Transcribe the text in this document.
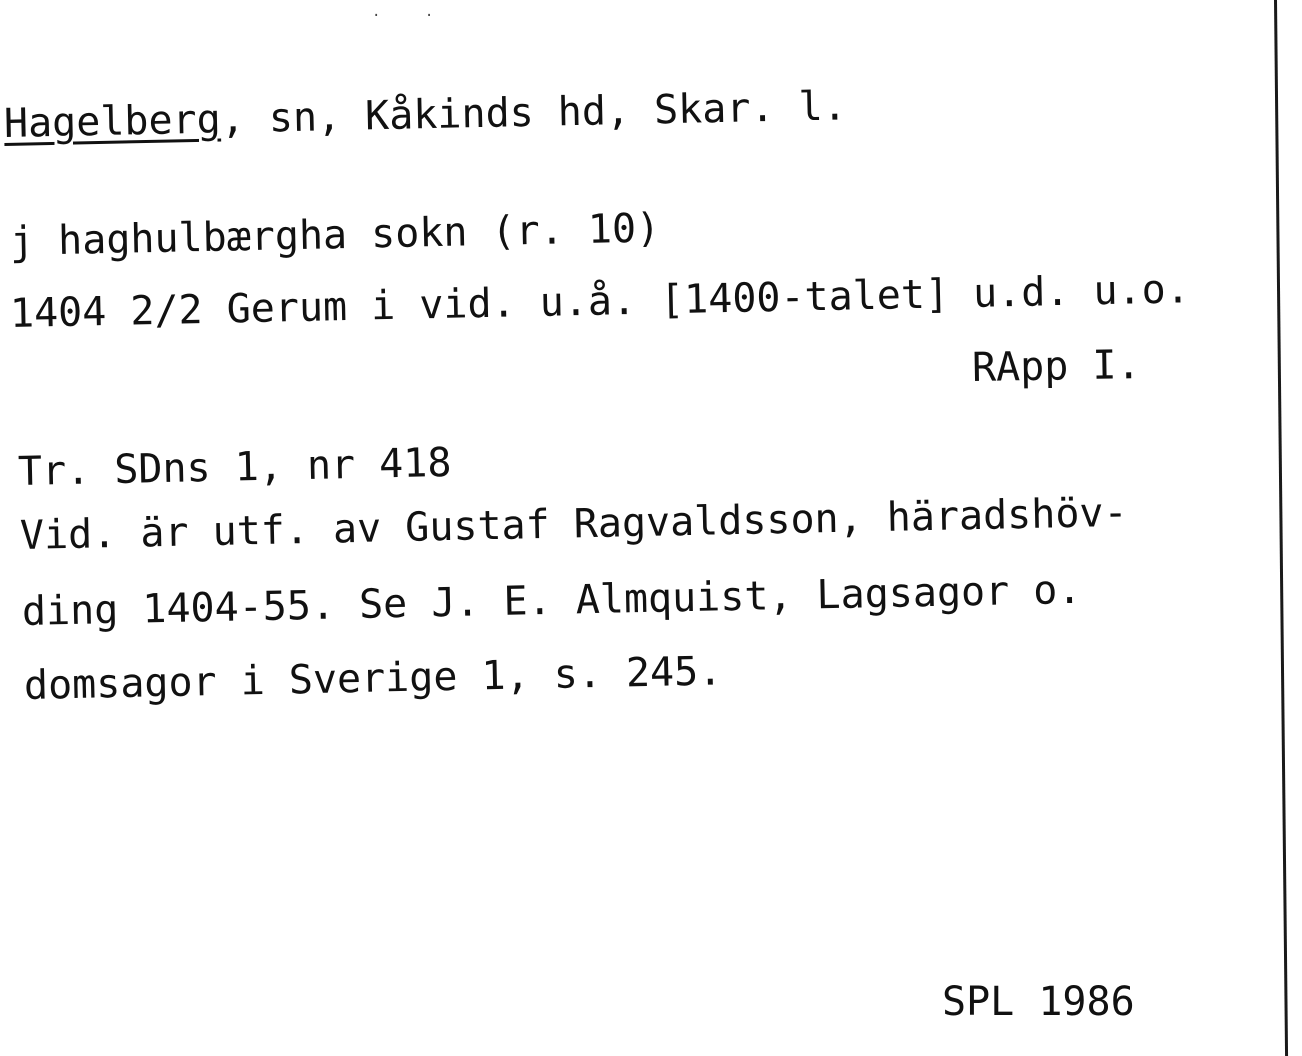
. .
Hagelberg, sn, Kåkinds hd, Skar. l.
j haghulbærgha sokn (r. 10)
1404 2/2 Gerum i vid. u.å. [1400-talet] u.d. u.o.
RApp I.
Tr. SDns 1, nr 418
Vid. är utf. av Gustaf Ragvaldsson, häradshöv-
ding 1404-55. Se J. E. Almquist, Lagsagor o.
domsagor i Sverige 1, s. 245.
SPL 1986
